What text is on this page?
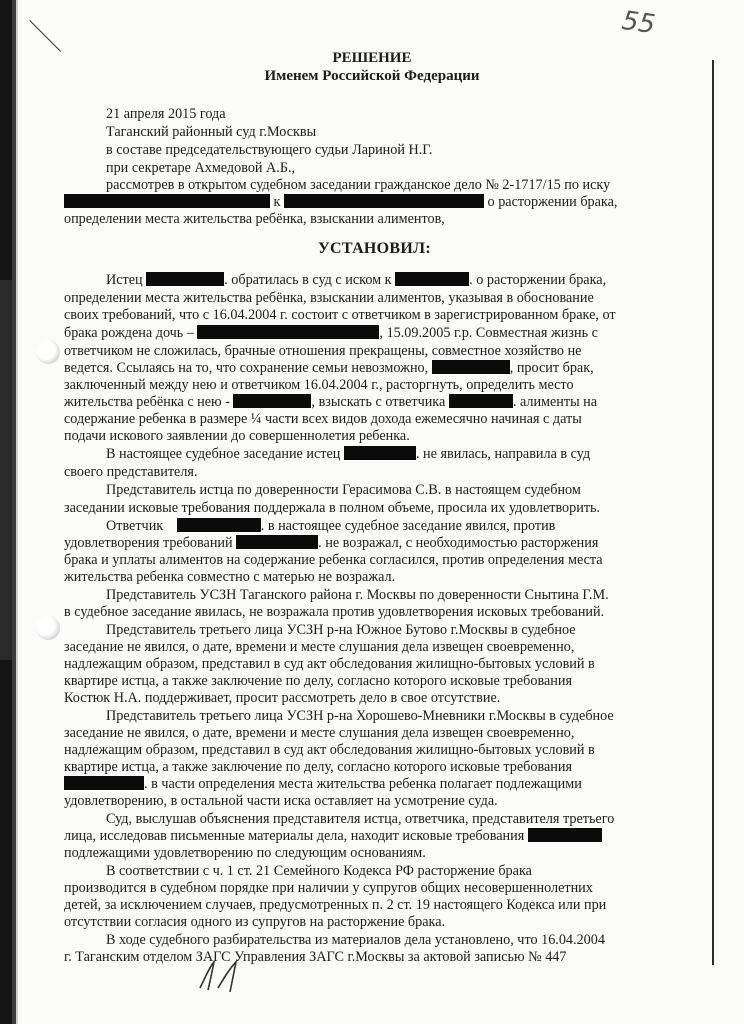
55
РЕШЕНИЕ
Именем Российской Федерации
21 апреля 2015 года
Таганский районный суд г.Москвы
в составе председательствующего судьи Лариной Н.Г.
при секретаре Ахмедовой А.Б.,
рассмотрев в открытом судебном заседании гражданское дело № 2-1717/15 по иску
к	о расторжении брака,
определении места жительства ребёнка, взыскании алиментов,
УСТАНОВИЛ:
Истец	. обратилась в суд с иском к	. о расторжении брака,
определении места жительства ребёнка, взыскании алиментов, указывая в обоснование
своих требований, что с 16.04.2004 г. состоит с ответчиком в зарегистрированном браке, от
брака рождена дочь –	, 15.09.2005 г.р. Совместная жизнь с
ответчиком не сложилась, брачные отношения прекращены, совместное хозяйство не
ведется. Ссылаясь на то, что сохранение семьи невозможно,	, просит брак,
заключенный между нею и ответчиком 16.04.2004 г., расторгнуть, определить место
жительства ребёнка с нею -	, взыскать с ответчика	. алименты на
содержание ребенка в размере ¼ части всех видов дохода ежемесячно начиная с даты
подачи искового заявлении до совершеннолетия ребенка.
В настоящее судебное заседание истец	. не явилась, направила в суд
своего представителя.
Представитель истца по доверенности Герасимова С.В. в настоящем судебном
заседании исковые требования поддержала в полном объеме, просила их удовлетворить.
Ответчик	. в настоящее судебное заседание явился, против
удовлетворения требований	. не возражал, с необходимостью расторжения
брака и уплаты алиментов на содержание ребенка согласился, против определения места
жительства ребенка совместно с матерью не возражал.
Представитель УСЗН Таганского района г. Москвы по доверенности Снытина Г.М.
в судебное заседание явилась, не возражала против удовлетворения исковых требований.
Представитель третьего лица УСЗН р-на Южное Бутово г.Москвы в судебное
заседание не явился, о дате, времени и месте слушания дела извещен своевременно,
надлежащим образом, представил в суд акт обследования жилищно-бытовых условий в
квартире истца, а также заключение по делу, согласно которого исковые требования
Костюк Н.А. поддерживает, просит рассмотреть дело в свое отсутствие.
Представитель третьего лица УСЗН р-на Хорошево-Мневники г.Москвы в судебное
заседание не явился, о дате, времени и месте слушания дела извещен своевременно,
надлежащим образом, представил в суд акт обследования жилищно-бытовых условий в
квартире истца, а также заключение по делу, согласно которого исковые требования
. в части определения места жительства ребенка полагает подлежащими
удовлетворению, в остальной части иска оставляет на усмотрение суда.
Суд, выслушав объяснения представителя истца, ответчика, представителя третьего
лица, исследовав письменные материалы дела, находит исковые требования
подлежащими удовлетворению по следующим основаниям.
В соответствии с ч. 1 ст. 21 Семейного Кодекса РФ расторжение брака
производится в судебном порядке при наличии у супругов общих несовершеннолетних
детей, за исключением случаев, предусмотренных п. 2 ст. 19 настоящего Кодекса или при
отсутствии согласия одного из супругов на расторжение брака.
В ходе судебного разбирательства из материалов дела установлено, что 16.04.2004
г. Таганским отделом ЗАГС Управления ЗАГС г.Москвы за актовой записью № 447
